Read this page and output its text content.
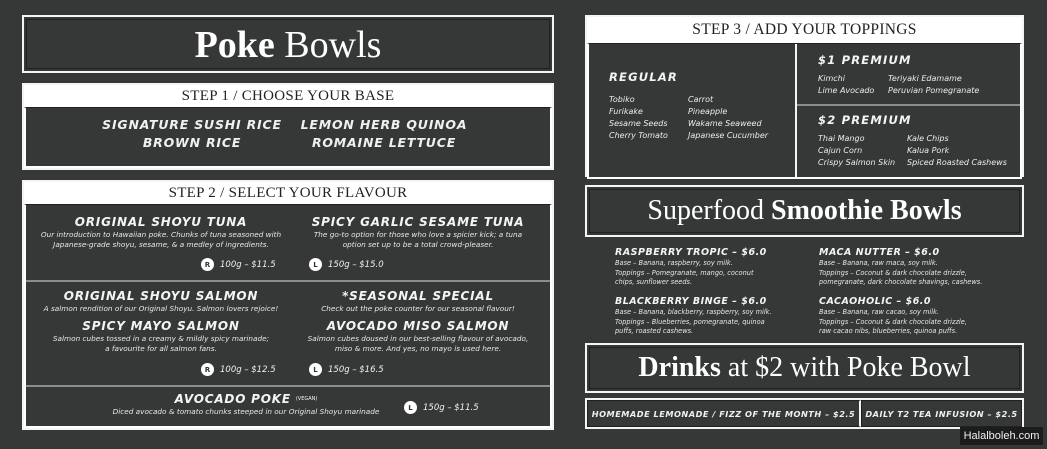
Poke Bowls
STEP 1 / CHOOSE YOUR BASE
SIGNATURE SUSHI RICE	LEMON HERB QUINOA
BROWN RICE	ROMAINE LETTUCE
STEP 2 / SELECT YOUR FLAVOUR
ORIGINAL SHOYU TUNA
Our introduction to Hawaiian poke. Chunks of tuna seasoned with
Japanese-grade shoyu, sesame, & a medley of ingredients.
SPICY GARLIC SESAME TUNA
The go-to option for those who love a spicier kick; a tuna
option set up to be a total crowd-pleaser.
R	100g – $11.5	L	150g – $15.0
ORIGINAL SHOYU SALMON
A salmon rendition of our Original Shoyu. Salmon lovers rejoice!
*SEASONAL SPECIAL
Check out the poke counter for our seasonal flavour!
SPICY MAYO SALMON
Salmon cubes tossed in a creamy & mildly spicy marinade;
a favourite for all salmon fans.
AVOCADO MISO SALMON
Salmon cubes doused in our best-selling flavour of avocado,
miso & more. And yes, no mayo is used here.
R	100g – $12.5	L	150g – $16.5
AVOCADO POKE (VEGAN)
Diced avocado & tomato chunks steeped in our Original Shoyu marinade	L	150g – $11.5
STEP 3 / ADD YOUR TOPPINGS
REGULAR
Tobiko	Carrot
Furikake	Pineapple
Sesame Seeds	Wakame Seaweed
Cherry Tomato	Japanese Cucumber
$1 PREMIUM
Kimchi	Teriyaki Edamame
Lime Avocado	Peruvian Pomegranate
$2 PREMIUM
Thai Mango	Kale Chips
Cajun Corn	Kalua Pork
Crispy Salmon Skin	Spiced Roasted Cashews
Superfood Smoothie Bowls
RASPBERRY TROPIC – $6.0
Base – Banana, raspberry, soy milk.
Toppings – Pomegranate, mango, coconut
chips, sunflower seeds.
MACA NUTTER – $6.0
Base – Banana, raw maca, soy milk.
Toppings – Coconut & dark chocolate drizzle,
pomegranate, dark chocolate shavings, cashews.
BLACKBERRY BINGE – $6.0
Base – Banana, blackberry, raspberry, soy milk.
Toppings – Blueberries, pomegranate, quinoa
puffs, roasted cashews.
CACAOHOLIC – $6.0
Base – Banana, raw cacao, soy milk.
Toppings – Coconut & dark chocolate drizzle,
raw cacao nibs, blueberries, quinoa puffs.
Drinks at $2 with Poke Bowl
HOMEMADE LEMONADE / FIZZ OF THE MONTH – $2.5	DAILY T2 TEA INFUSION – $2.5
Halalboleh.com
